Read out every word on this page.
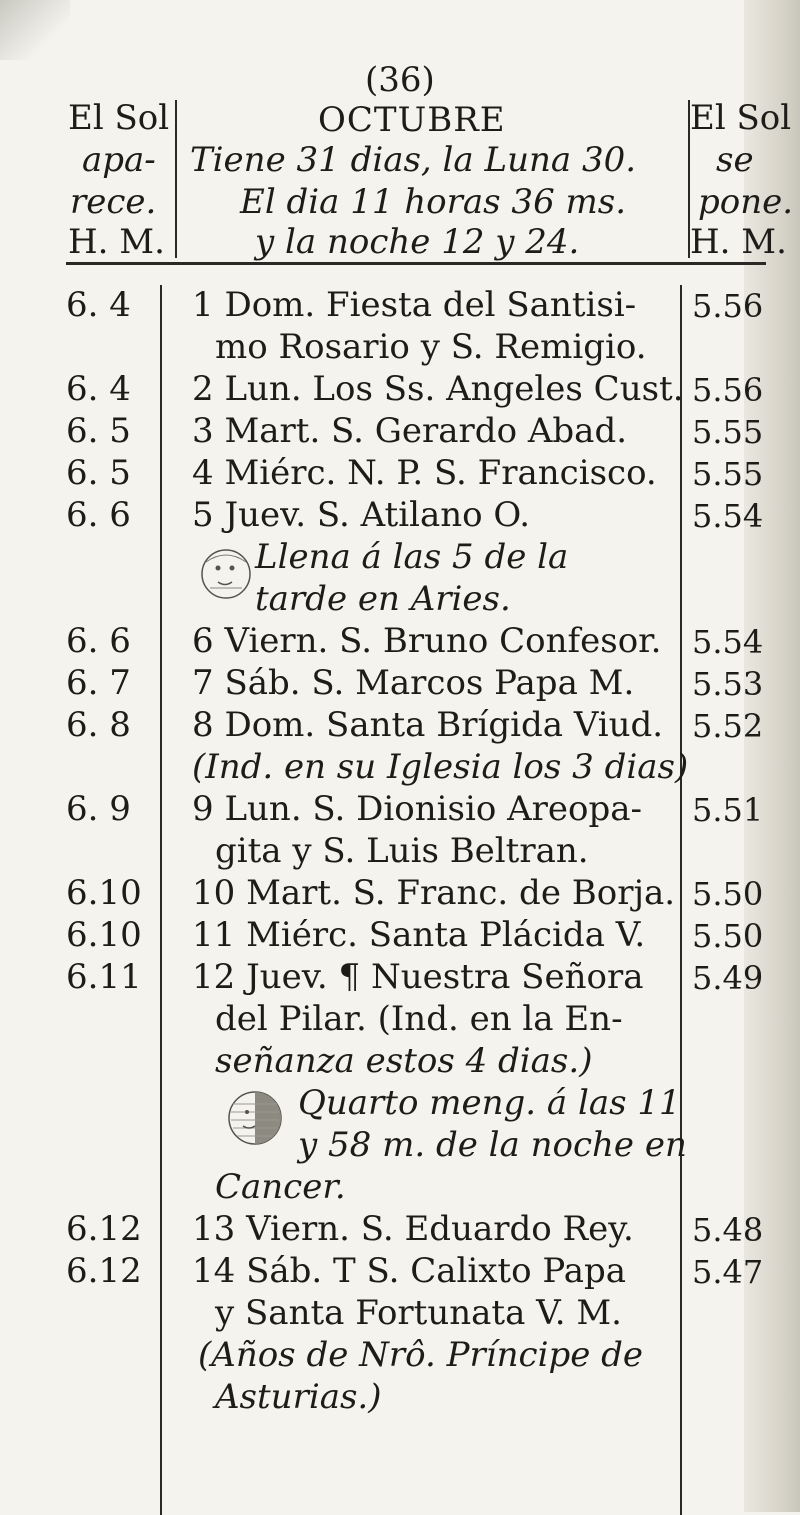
(36)
El Sol
apa-
rece.
H. M.
OCTUBRE
Tiene 31 dias, la Luna 30.
El dia 11 horas 36 ms.
y la noche 12 y 24.
El Sol
se
pone.
H. M.
6. 4
6. 4
6. 5
6. 5
6. 6
6. 6
6. 7
6. 8
6. 9
6.10
6.10
6.11
6.12
6.12
5.56
5.56
5.55
5.55
5.54
5.54
5.53
5.52
5.51
5.50
5.50
5.49
5.48
5.47
1 Dom. Fiesta del Santisi-
mo Rosario y S. Remigio.
2 Lun. Los Ss. Angeles Cust.
3 Mart. S. Gerardo Abad.
4 Miérc. N. P. S. Francisco.
5 Juev. S. Atilano O.
Llena á las 5 de la
tarde en Aries.
6 Viern. S. Bruno Confesor.
7 Sáb. S. Marcos Papa M.
8 Dom. Santa Brígida Viud.
(Ind. en su Iglesia los 3 dias)
9 Lun. S. Dionisio Areopa-
gita y S. Luis Beltran.
10 Mart. S. Franc. de Borja.
11 Miérc. Santa Plácida V.
12 Juev. ¶ Nuestra Señora
del Pilar. (Ind. en la En-
señanza estos 4 dias.)
Quarto meng. á las 11
y 58 m. de la noche en
Cancer.
13 Viern. S. Eduardo Rey.
14 Sáb. T S. Calixto Papa
y Santa Fortunata V. M.
(Años de Nrô. Príncipe de
Asturias.)
